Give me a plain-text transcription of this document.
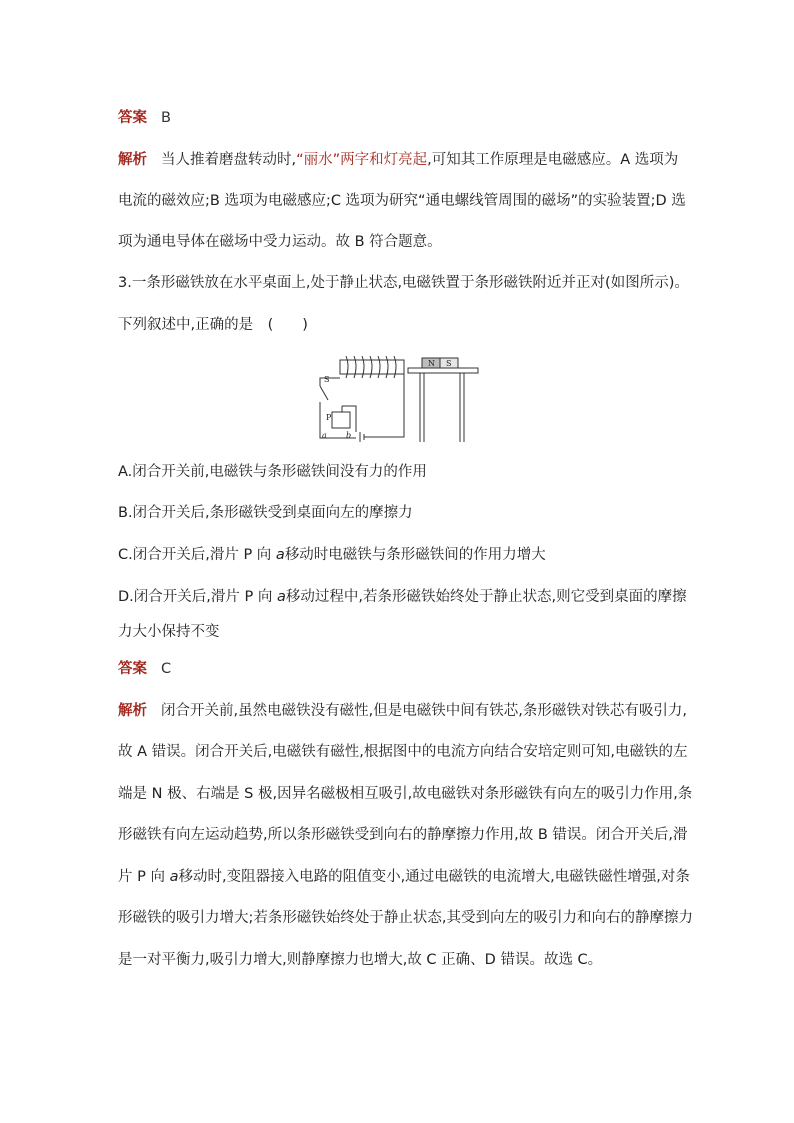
答案 B
解析 当人推着磨盘转动时,“丽水”两字和灯亮起,可知其工作原理是电磁感应。A 选项为
电流的磁效应;B 选项为电磁感应;C 选项为研究“通电螺线管周围的磁场”的实验装置;D 选
项为通电导体在磁场中受力运动。故 B 符合题意。
3.一条形磁铁放在水平桌面上,处于静止状态,电磁铁置于条形磁铁附近并正对(如图所示)。
下列叙述中,正确的是　(　　)
N S
S
P
a b
A.闭合开关前,电磁铁与条形磁铁间没有力的作用
B.闭合开关后,条形磁铁受到桌面向左的摩擦力
C.闭合开关后,滑片 P 向 a移动时电磁铁与条形磁铁间的作用力增大
D.闭合开关后,滑片 P 向 a移动过程中,若条形磁铁始终处于静止状态,则它受到桌面的摩擦
力大小保持不变
答案 C
解析 闭合开关前,虽然电磁铁没有磁性,但是电磁铁中间有铁芯,条形磁铁对铁芯有吸引力,
故 A 错误。闭合开关后,电磁铁有磁性,根据图中的电流方向结合安培定则可知,电磁铁的左
端是 N 极、右端是 S 极,因异名磁极相互吸引,故电磁铁对条形磁铁有向左的吸引力作用,条
形磁铁有向左运动趋势,所以条形磁铁受到向右的静摩擦力作用,故 B 错误。闭合开关后,滑
片 P 向 a移动时,变阻器接入电路的阻值变小,通过电磁铁的电流增大,电磁铁磁性增强,对条
形磁铁的吸引力增大;若条形磁铁始终处于静止状态,其受到向左的吸引力和向右的静摩擦力
是一对平衡力,吸引力增大,则静摩擦力也增大,故 C 正确、D 错误。故选 C。
